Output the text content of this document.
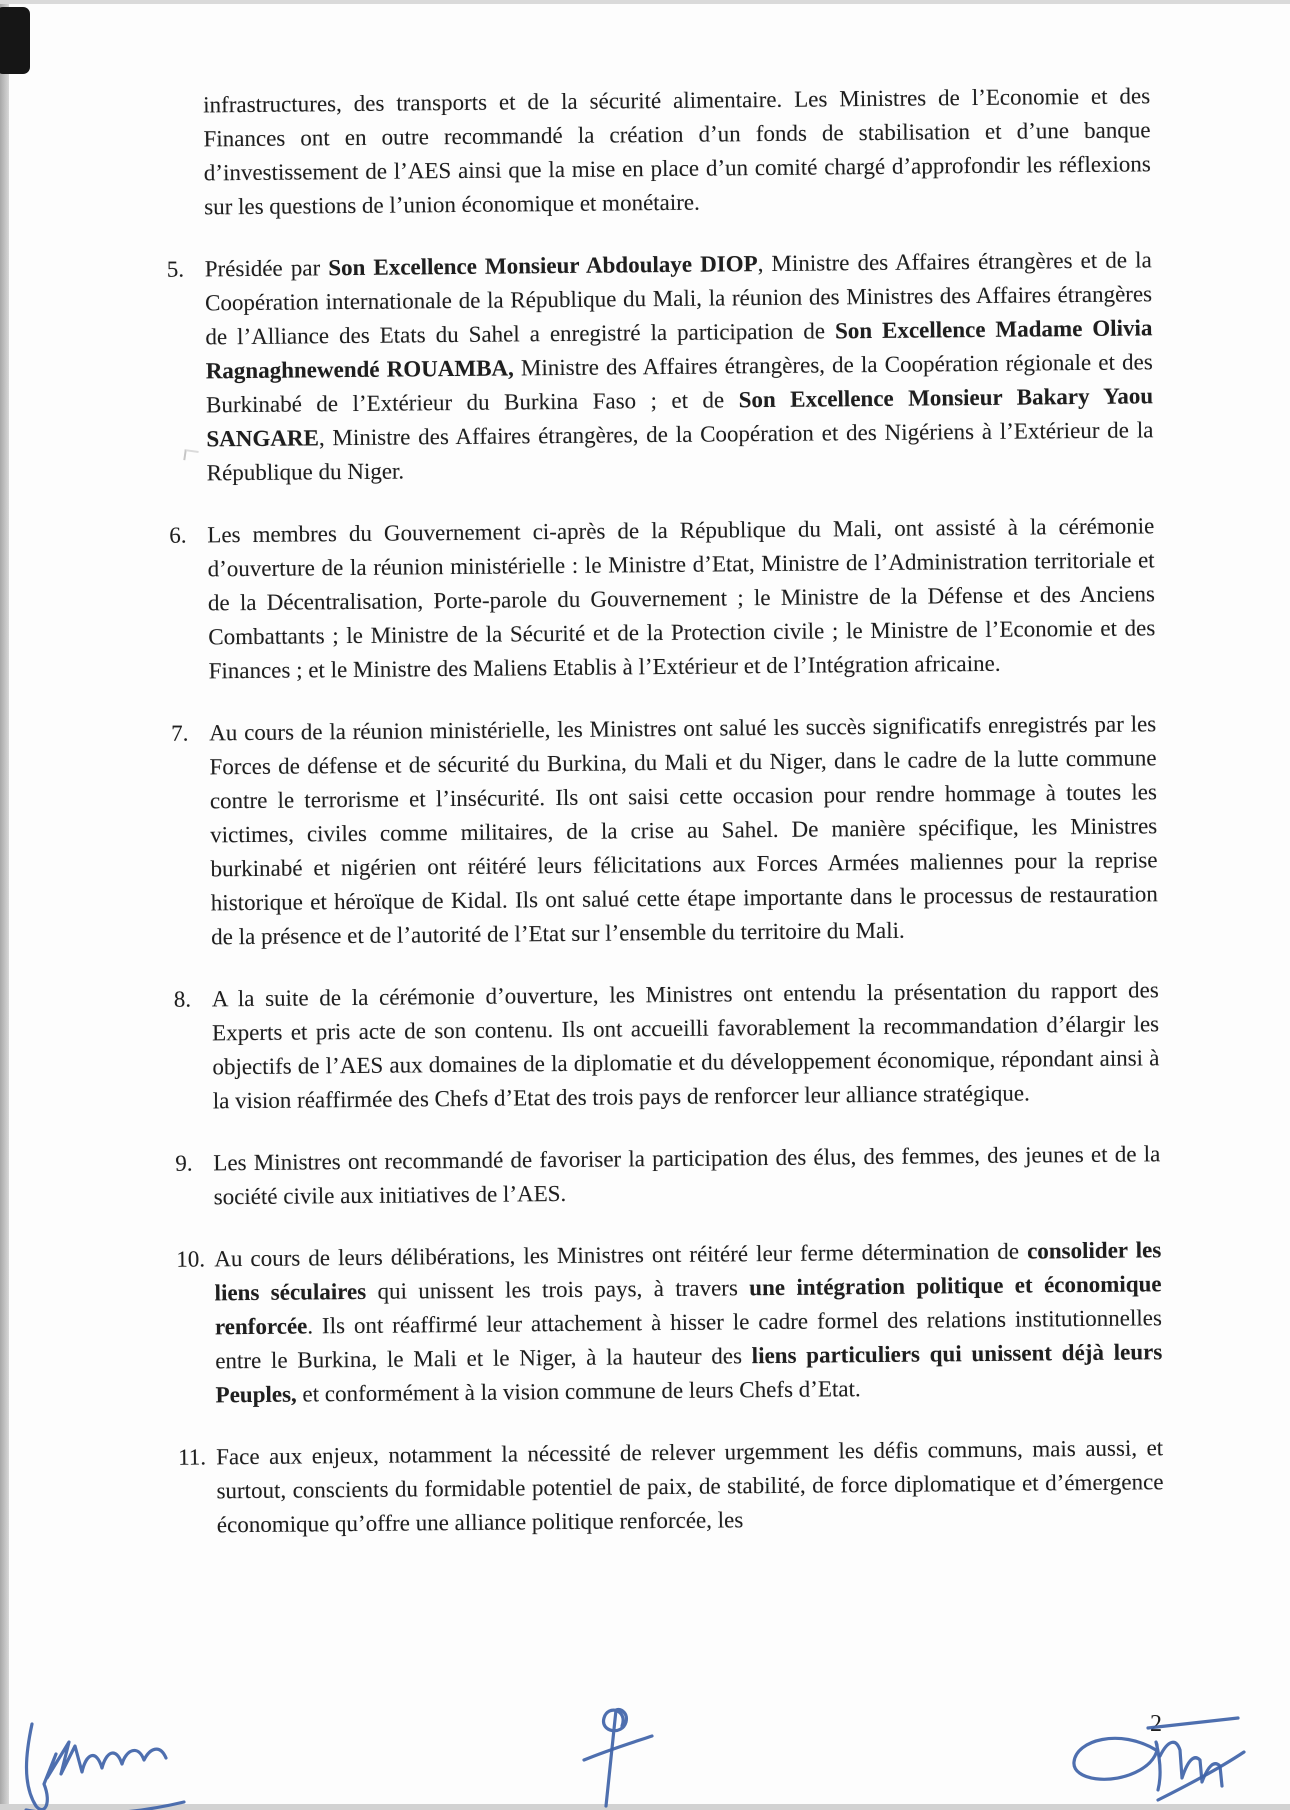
infrastructures, des transports et de la sécurité alimentaire. Les Ministres de l’Economie et des Finances ont en outre recommandé la création d’un fonds de stabilisation et d’une banque d’investissement de l’AES ainsi que la mise en place d’un comité chargé d’approfondir les réflexions sur les questions de l’union économique et monétaire.
5. Présidée par Son Excellence Monsieur Abdoulaye DIOP, Ministre des Affaires étrangères et de la Coopération internationale de la République du Mali, la réunion des Ministres des Affaires étrangères de l’Alliance des Etats du Sahel a enregistré la participation de Son Excellence Madame Olivia Ragnaghnewendé ROUAMBA, Ministre des Affaires étrangères, de la Coopération régionale et des Burkinabé de l’Extérieur du Burkina Faso ; et de Son Excellence Monsieur Bakary Yaou SANGARE, Ministre des Affaires étrangères, de la Coopération et des Nigériens à l’Extérieur de la République du Niger.
6. Les membres du Gouvernement ci-après de la République du Mali, ont assisté à la cérémonie d’ouverture de la réunion ministérielle : le Ministre d’Etat, Ministre de l’Administration territoriale et de la Décentralisation, Porte-parole du Gouvernement ; le Ministre de la Défense et des Anciens Combattants ; le Ministre de la Sécurité et de la Protection civile ; le Ministre de l’Economie et des Finances ; et le Ministre des Maliens Etablis à l’Extérieur et de l’Intégration africaine.
7. Au cours de la réunion ministérielle, les Ministres ont salué les succès significatifs enregistrés par les Forces de défense et de sécurité du Burkina, du Mali et du Niger, dans le cadre de la lutte commune contre le terrorisme et l’insécurité. Ils ont saisi cette occasion pour rendre hommage à toutes les victimes, civiles comme militaires, de la crise au Sahel. De manière spécifique, les Ministres burkinabé et nigérien ont réitéré leurs félicitations aux Forces Armées maliennes pour la reprise historique et héroïque de Kidal. Ils ont salué cette étape importante dans le processus de restauration de la présence et de l’autorité de l’Etat sur l’ensemble du territoire du Mali.
8. A la suite de la cérémonie d’ouverture, les Ministres ont entendu la présentation du rapport des Experts et pris acte de son contenu. Ils ont accueilli favorablement la recommandation d’élargir les objectifs de l’AES aux domaines de la diplomatie et du développement économique, répondant ainsi à la vision réaffirmée des Chefs d’Etat des trois pays de renforcer leur alliance stratégique.
9. Les Ministres ont recommandé de favoriser la participation des élus, des femmes, des jeunes et de la société civile aux initiatives de l’AES.
10. Au cours de leurs délibérations, les Ministres ont réitéré leur ferme détermination de consolider les liens séculaires qui unissent les trois pays, à travers une intégration politique et économique renforcée. Ils ont réaffirmé leur attachement à hisser le cadre formel des relations institutionnelles entre le Burkina, le Mali et le Niger, à la hauteur des liens particuliers qui unissent déjà leurs Peuples, et conformément à la vision commune de leurs Chefs d’Etat.
11. Face aux enjeux, notamment la nécessité de relever urgemment les défis communs, mais aussi, et surtout, conscients du formidable potentiel de paix, de stabilité, de force diplomatique et d’émergence économique qu’offre une alliance politique renforcée, les
2
